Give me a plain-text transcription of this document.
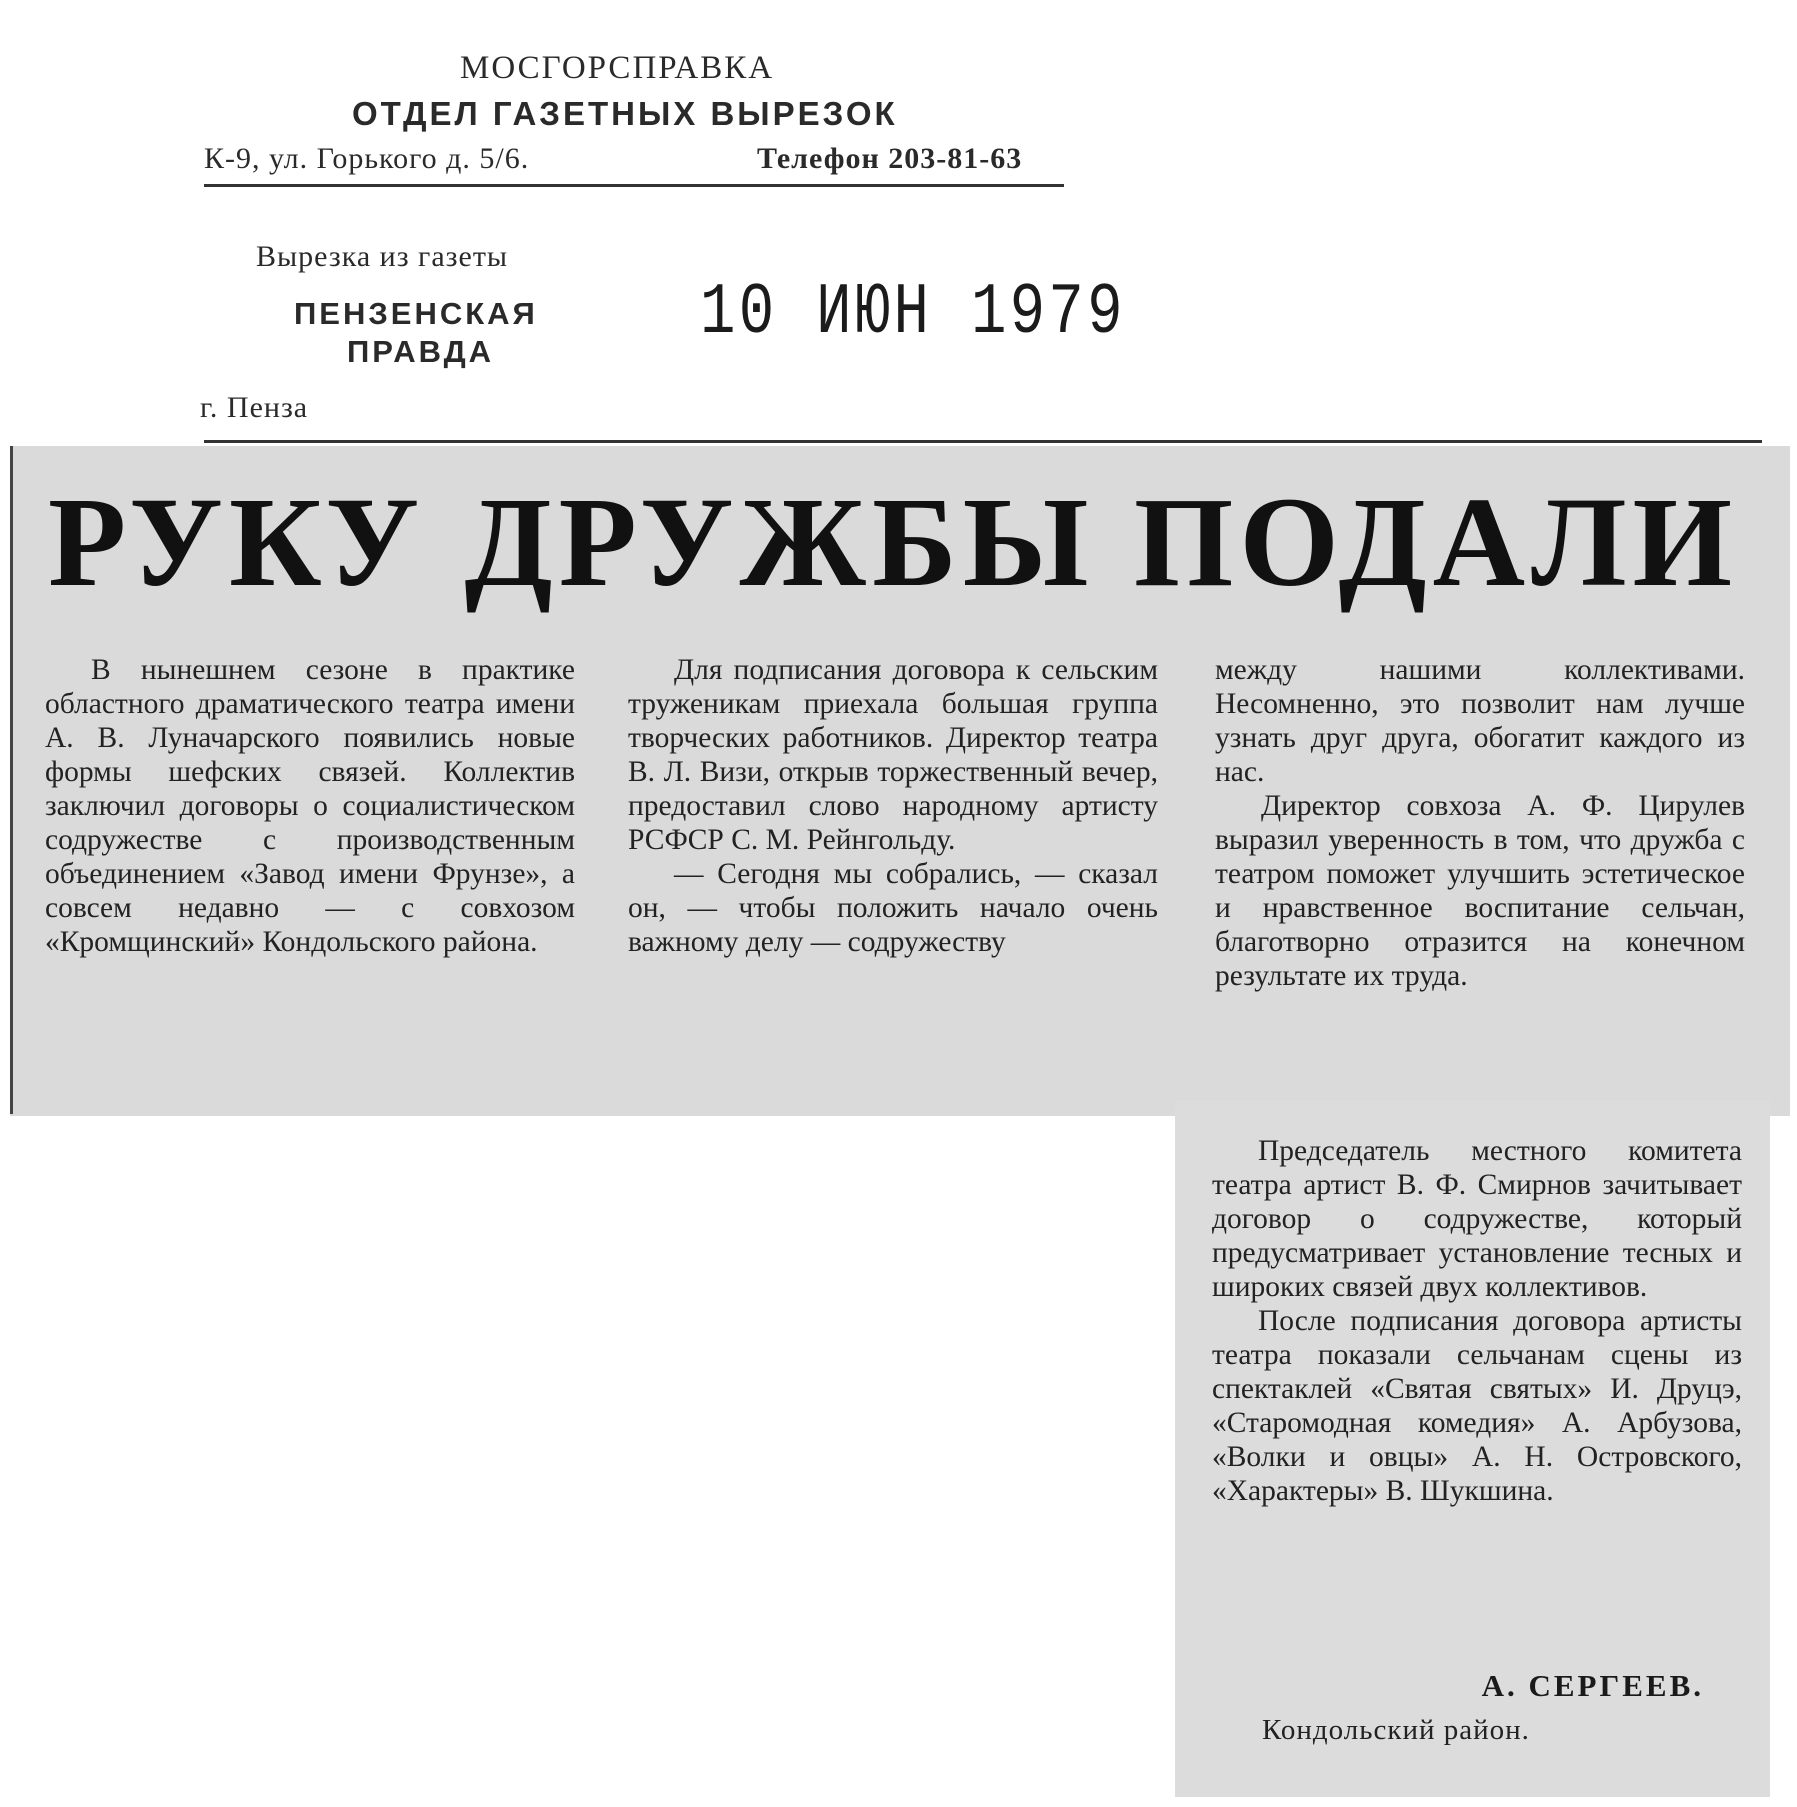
МОСГОРСПРАВКА
ОТДЕЛ ГАЗЕТНЫХ ВЫРЕЗОК
К-9, ул. Горького д. 5/6.	Телефон 203-81-63
Вырезка из газеты
ПЕНЗЕНСКАЯ
ПРАВДА	10 ИЮН 1979
г. Пенза
РУКУ ДРУЖБЫ ПОДАЛИ

В нынешнем сезоне в практике областного драматического театра имени А. В. Луначарского появились новые формы шефских связей. Коллектив заключил договоры о социалистическом содружестве с производственным объединением «Завод имени Фрунзе», а совсем недавно — с совхозом «Кромщинский» Кондольского района.

Для подписания договора к сельским труженикам приехала большая группа творческих работников. Директор театра В. Л. Визи, открыв торжественный вечер, предоставил слово народному артисту РСФСР С. М. Рейнгольду.

— Сегодня мы собрались, — сказал он, — чтобы положить начало очень важному делу — содружеству

между нашими коллективами. Несомненно, это позволит нам лучше узнать друг друга, обогатит каждого из нас.

Директор совхоза А. Ф. Цирулев выразил уверенность в том, что дружба с театром поможет улучшить эстетическое и нравственное воспитание сельчан, благотворно отразится на конечном результате их труда.

Председатель местного комитета театра артист В. Ф. Смирнов зачитывает договор о содружестве, который предусматривает установление тесных и широких связей двух коллективов.

После подписания договора артисты театра показали сельчанам сцены из спектаклей «Святая святых» И. Друцэ, «Старомодная комедия» А. Арбузова, «Волки и овцы» А. Н. Островского, «Характеры» В. Шукшина.

А. СЕРГЕЕВ.
Кондольский район.
